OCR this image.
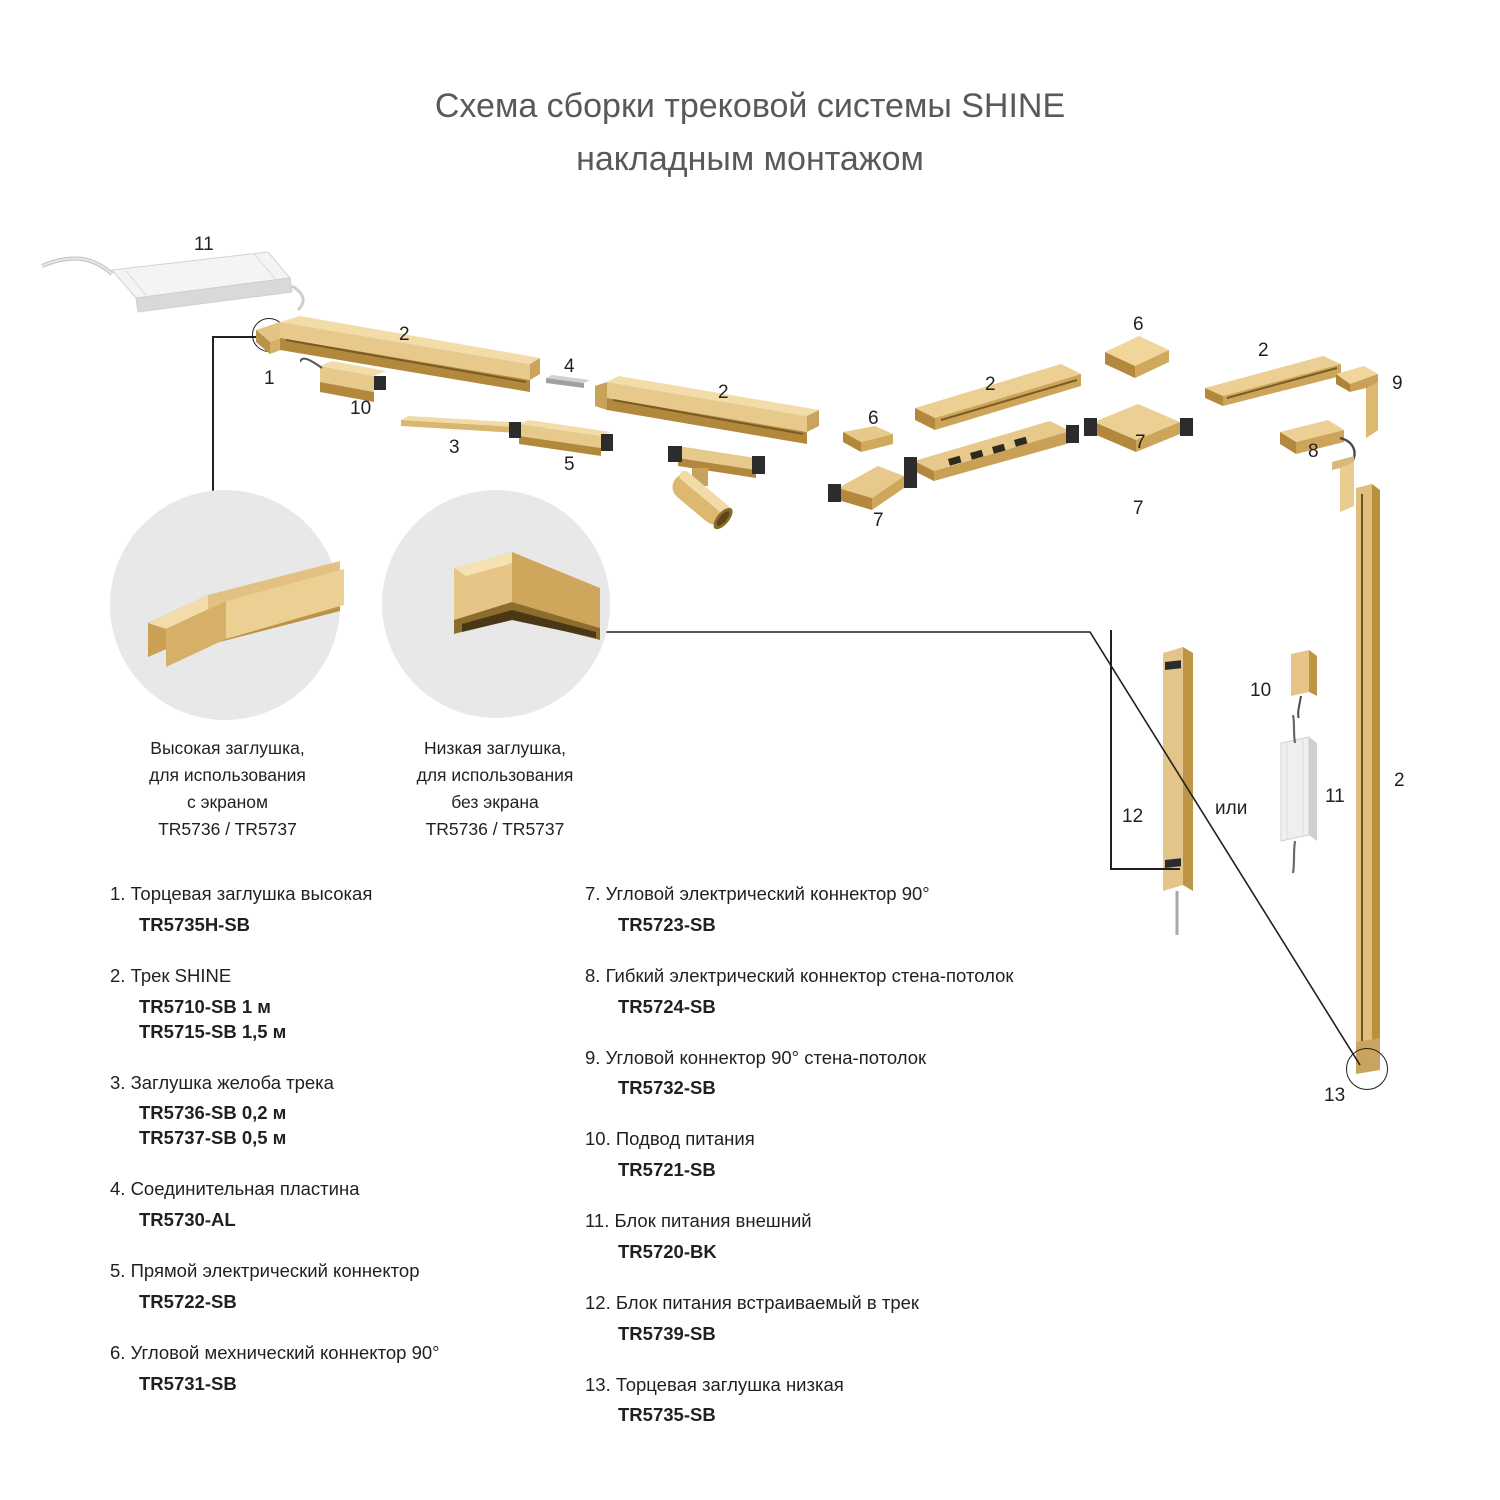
Схема сборки трековой системы SHINE
накладным монтажом
Высокая заглушка,
для использования
с экраном
TR5736 / TR5737
Низкая заглушка,
для использования
без экрана
TR5736 / TR5737
или
11
1
2
10
3
4
5
2
6
7
2
6
7
7
2
9
8
12
10
11
2
13
1. Торцевая заглушка высокая
TR5735H-SB
2. Трек SHINE
TR5710-SB 1 м
TR5715-SB 1,5 м
3. Заглушка желоба трека
TR5736-SB 0,2 м
TR5737-SB 0,5 м
4. Соединительная пластина
TR5730-AL
5. Прямой электрический коннектор
TR5722-SB
6. Угловой мехнический коннектор 90°
TR5731-SB
7. Угловой электрический коннектор 90°
TR5723-SB
8. Гибкий электрический коннектор стена-потолок
TR5724-SB
9. Угловой коннектор 90° стена-потолок
TR5732-SB
10. Подвод питания
TR5721-SB
11. Блок питания внешний
TR5720-BK
12. Блок питания встраиваемый в трек
TR5739-SB
13. Торцевая заглушка низкая
TR5735-SB
